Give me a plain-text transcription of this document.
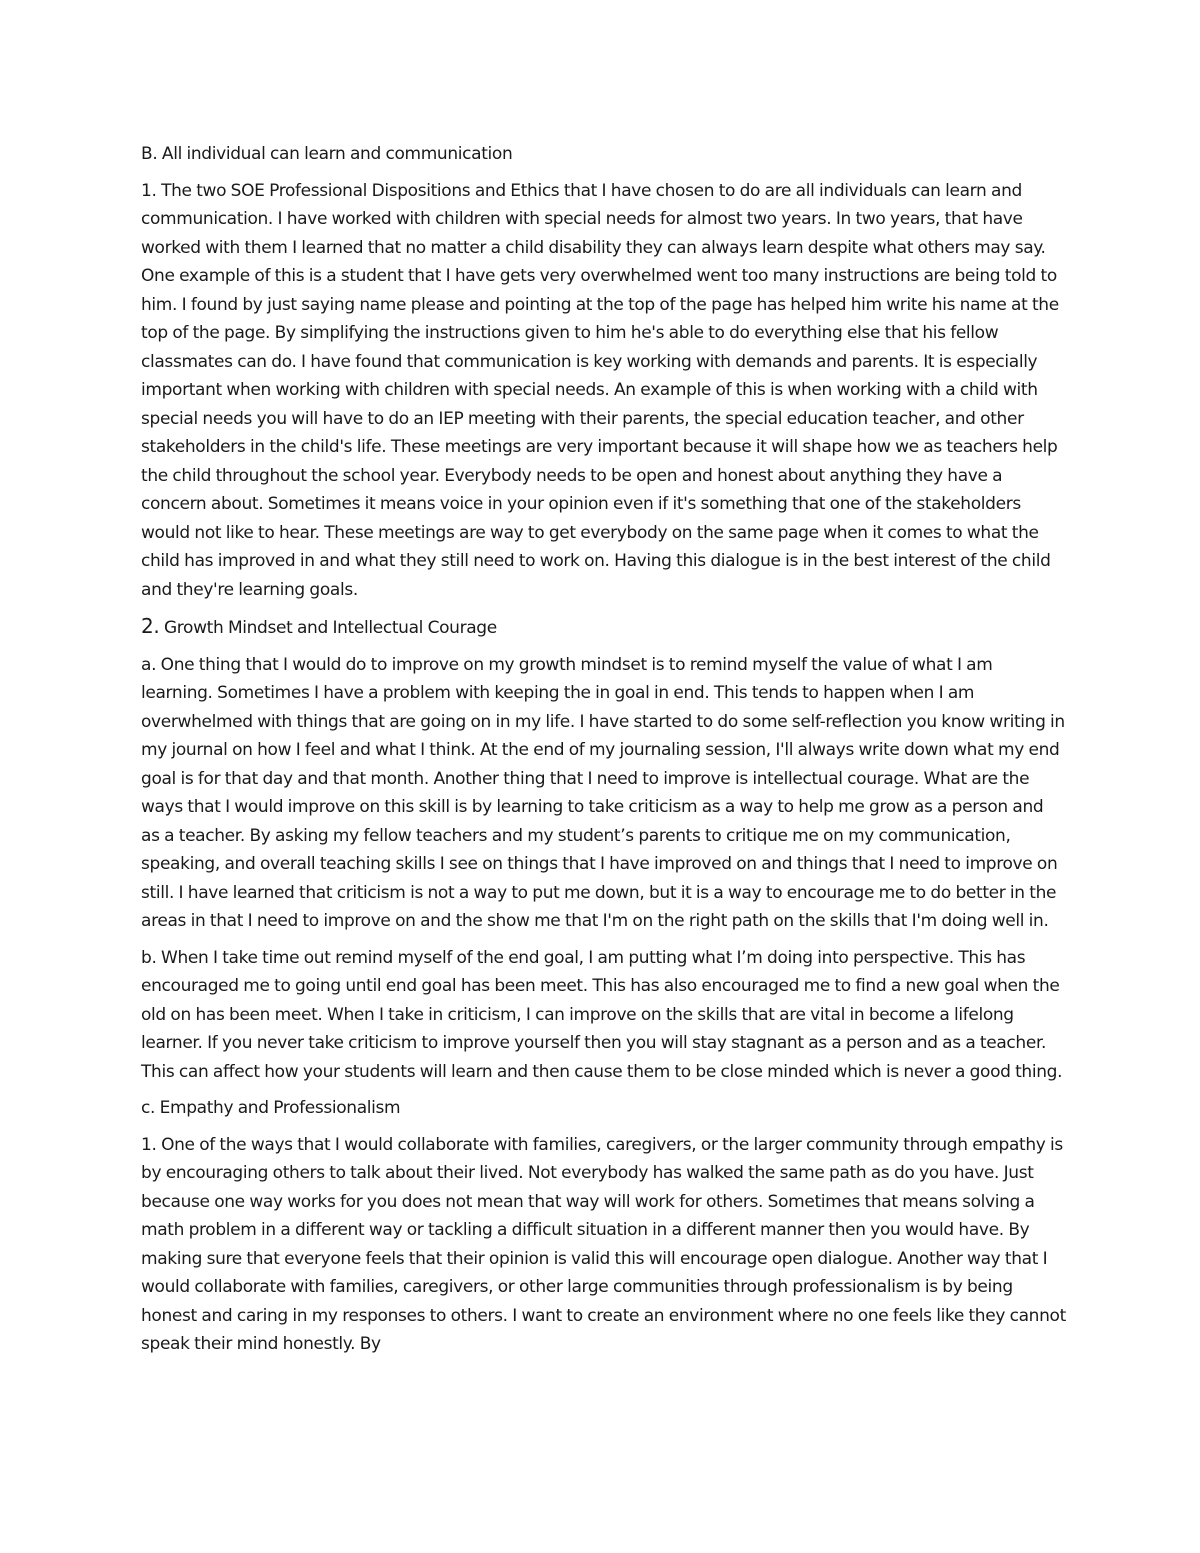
B. All individual can learn and communication

1. The two SOE Professional Dispositions and Ethics that I have chosen to do are all individuals can learn and communication. I have worked with children with special needs for almost two years. In two years, that have worked with them I learned that no matter a child disability they can always learn despite what others may say. One example of this is a student that I have gets very overwhelmed went too many instructions are being told to him. I found by just saying name please and pointing at the top of the page has helped him write his name at the top of the page. By simplifying the instructions given to him he's able to do everything else that his fellow classmates can do. I have found that communication is key working with demands and parents. It is especially important when working with children with special needs. An example of this is when working with a child with special needs you will have to do an IEP meeting with their parents, the special education teacher, and other stakeholders in the child's life. These meetings are very important because it will shape how we as teachers help the child throughout the school year. Everybody needs to be open and honest about anything they have a concern about. Sometimes it means voice in your opinion even if it's something that one of the stakeholders would not like to hear. These meetings are way to get everybody on the same page when it comes to what the child has improved in and what they still need to work on. Having this dialogue is in the best interest of the child and they're learning goals.

2. Growth Mindset and Intellectual Courage

a. One thing that I would do to improve on my growth mindset is to remind myself the value of what I am learning. Sometimes I have a problem with keeping the in goal in end. This tends to happen when I am overwhelmed with things that are going on in my life. I have started to do some self-reflection you know writing in my journal on how I feel and what I think. At the end of my journaling session, I'll always write down what my end goal is for that day and that month. Another thing that I need to improve is intellectual courage. What are the ways that I would improve on this skill is by learning to take criticism as a way to help me grow as a person and as a teacher. By asking my fellow teachers and my student’s parents to critique me on my communication, speaking, and overall teaching skills I see on things that I have improved on and things that I need to improve on still. I have learned that criticism is not a way to put me down, but it is a way to encourage me to do better in the areas in that I need to improve on and the show me that I'm on the right path on the skills that I'm doing well in.

b. When I take time out remind myself of the end goal, I am putting what I’m doing into perspective. This has encouraged me to going until end goal has been meet. This has also encouraged me to find a new goal when the old on has been meet. When I take in criticism, I can improve on the skills that are vital in become a lifelong learner. If you never take criticism to improve yourself then you will stay stagnant as a person and as a teacher. This can affect how your students will learn and then cause them to be close minded which is never a good thing.

c. Empathy and Professionalism

1. One of the ways that I would collaborate with families, caregivers, or the larger community through empathy is by encouraging others to talk about their lived. Not everybody has walked the same path as do you have. Just because one way works for you does not mean that way will work for others. Sometimes that means solving a math problem in a different way or tackling a difficult situation in a different manner then you would have. By making sure that everyone feels that their opinion is valid this will encourage open dialogue. Another way that I would collaborate with families, caregivers, or other large communities through professionalism is by being honest and caring in my responses to others. I want to create an environment where no one feels like they cannot speak their mind honestly. By
